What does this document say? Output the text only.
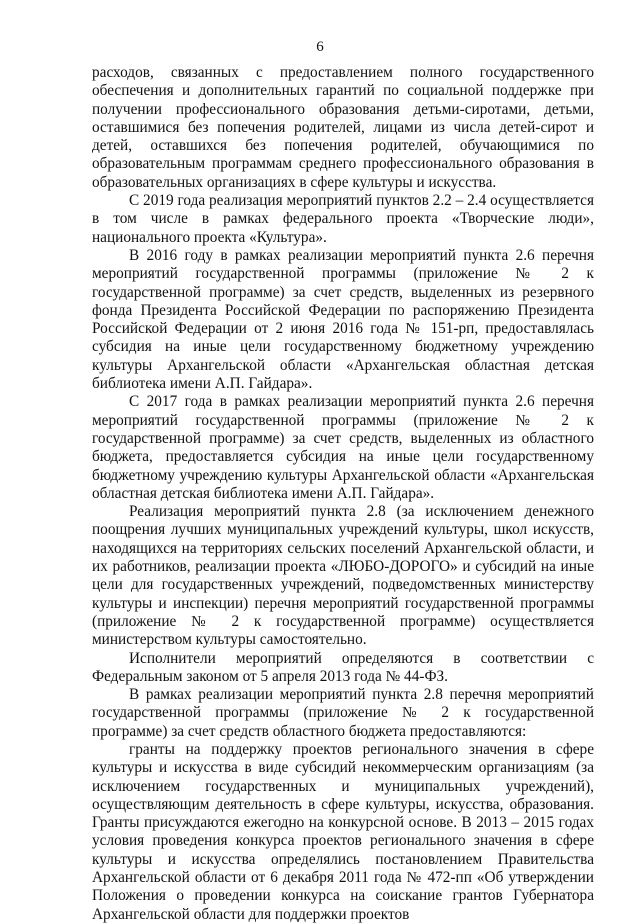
6

расходов, связанных с предоставлением полного государственного обеспечения и дополнительных гарантий по социальной поддержке при получении профессионального образования детьми-сиротами, детьми, оставшимися без попечения родителей, лицами из числа детей-сирот и детей, оставшихся без попечения родителей, обучающимися по образовательным программам среднего профессионального образования в образовательных организациях в сфере культуры и искусства.

С 2019 года реализация мероприятий пунктов 2.2 – 2.4 осуществляется в том числе в рамках федерального проекта «Творческие люди», национального проекта «Культура».

В 2016 году в рамках реализации мероприятий пункта 2.6 перечня мероприятий государственной программы (приложение № 2 к государственной программе) за счет средств, выделенных из резервного фонда Президента Российской Федерации по распоряжению Президента Российской Федерации от 2 июня 2016 года № 151-рп, предоставлялась субсидия на иные цели государственному бюджетному учреждению культуры Архангельской области «Архангельская областная детская библиотека имени А.П. Гайдара».

С 2017 года в рамках реализации мероприятий пункта 2.6 перечня мероприятий государственной программы (приложение № 2 к государственной программе) за счет средств, выделенных из областного бюджета, предоставляется субсидия на иные цели государственному бюджетному учреждению культуры Архангельской области «Архангельская областная детская библиотека имени А.П. Гайдара».

Реализация мероприятий пункта 2.8 (за исключением денежного поощрения лучших муниципальных учреждений культуры, школ искусств, находящихся на территориях сельских поселений Архангельской области, и их работников, реализации проекта «ЛЮБО-ДОРОГО» и субсидий на иные цели для государственных учреждений, подведомственных министерству культуры и инспекции) перечня мероприятий государственной программы (приложение № 2 к государственной программе) осуществляется министерством культуры самостоятельно.

Исполнители мероприятий определяются в соответствии с Федеральным законом от 5 апреля 2013 года № 44-ФЗ.

В рамках реализации мероприятий пункта 2.8 перечня мероприятий государственной программы (приложение № 2 к государственной программе) за счет средств областного бюджета предоставляются:

гранты на поддержку проектов регионального значения в сфере культуры и искусства в виде субсидий некоммерческим организациям (за исключением государственных и муниципальных учреждений), осуществляющим деятельность в сфере культуры, искусства, образования. Гранты присуждаются ежегодно на конкурсной основе. В 2013 – 2015 годах условия проведения конкурса проектов регионального значения в сфере культуры и искусства определялись постановлением Правительства Архангельской области от 6 декабря 2011 года № 472-пп «Об утверждении Положения о проведении конкурса на соискание грантов Губернатора Архангельской области для поддержки проектов
